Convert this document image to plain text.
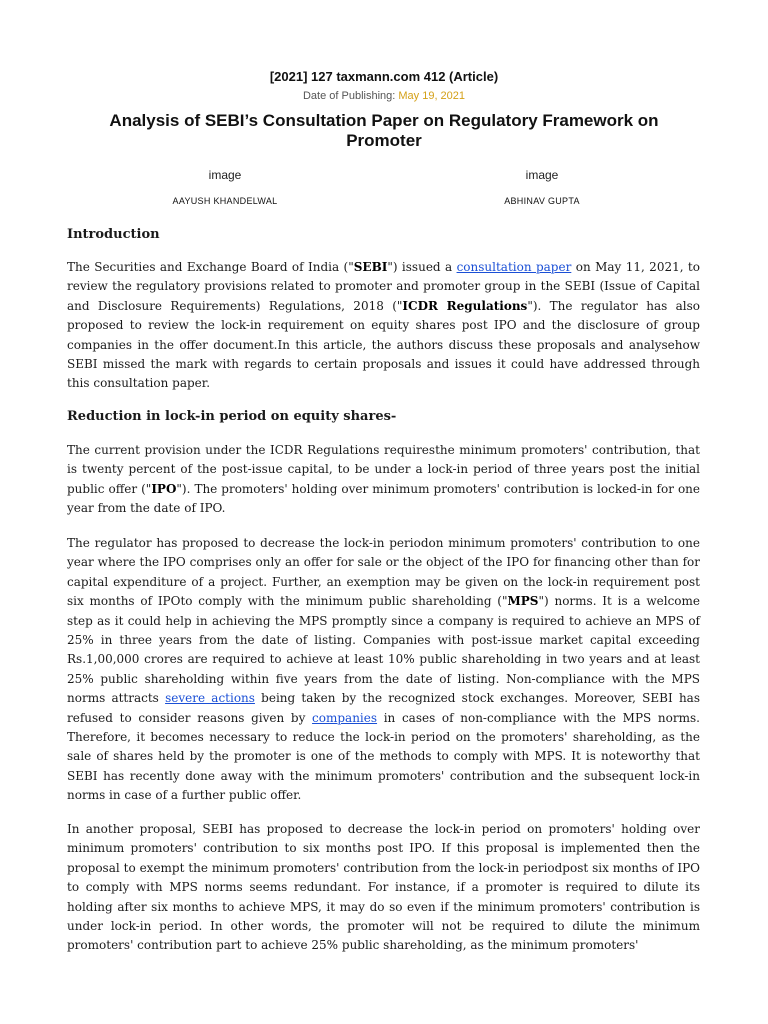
[2021] 127 taxmann.com 412 (Article)
Date of Publishing: May 19, 2021
Analysis of SEBI’s Consultation Paper on Regulatory Framework on Promoter
image
AAYUSH KHANDELWAL
image
ABHINAV GUPTA
Introduction

The Securities and Exchange Board of India ("SEBI") issued a consultation paper on May 11, 2021, to review the regulatory provisions related to promoter and promoter group in the SEBI (Issue of Capital and Disclosure Requirements) Regulations, 2018 ("ICDR Regulations"). The regulator has also proposed to review the lock-in requirement on equity shares post IPO and the disclosure of group companies in the offer document.In this article, the authors discuss these proposals and analysehow SEBI missed the mark with regards to certain proposals and issues it could have addressed through this consultation paper.

Reduction in lock-in period on equity shares-

The current provision under the ICDR Regulations requiresthe minimum promoters' contribution, that is twenty percent of the post-issue capital, to be under a lock-in period of three years post the initial public offer ("IPO"). The promoters' holding over minimum promoters' contribution is locked-in for one year from the date of IPO.

The regulator has proposed to decrease the lock-in periodon minimum promoters' contribution to one year where the IPO comprises only an offer for sale or the object of the IPO for financing other than for capital expenditure of a project. Further, an exemption may be given on the lock-in requirement post six months of IPOto comply with the minimum public shareholding ("MPS") norms. It is a welcome step as it could help in achieving the MPS promptly since a company is required to achieve an MPS of 25% in three years from the date of listing. Companies with post-issue market capital exceeding Rs.1,00,000 crores are required to achieve at least 10% public shareholding in two years and at least 25% public shareholding within five years from the date of listing. Non-compliance with the MPS norms attracts severe actions being taken by the recognized stock exchanges. Moreover, SEBI has refused to consider reasons given by companies in cases of non-compliance with the MPS norms. Therefore, it becomes necessary to reduce the lock-in period on the promoters' shareholding, as the sale of shares held by the promoter is one of the methods to comply with MPS. It is noteworthy that SEBI has recently done away with the minimum promoters' contribution and the subsequent lock-in norms in case of a further public offer.

In another proposal, SEBI has proposed to decrease the lock-in period on promoters' holding over minimum promoters' contribution to six months post IPO. If this proposal is implemented then the proposal to exempt the minimum promoters' contribution from the lock-in periodpost six months of IPO to comply with MPS norms seems redundant. For instance, if a promoter is required to dilute its holding after six months to achieve MPS, it may do so even if the minimum promoters' contribution is under lock-in period. In other words, the promoter will not be required to dilute the minimum promoters' contribution part to achieve 25% public shareholding, as the minimum promoters'
